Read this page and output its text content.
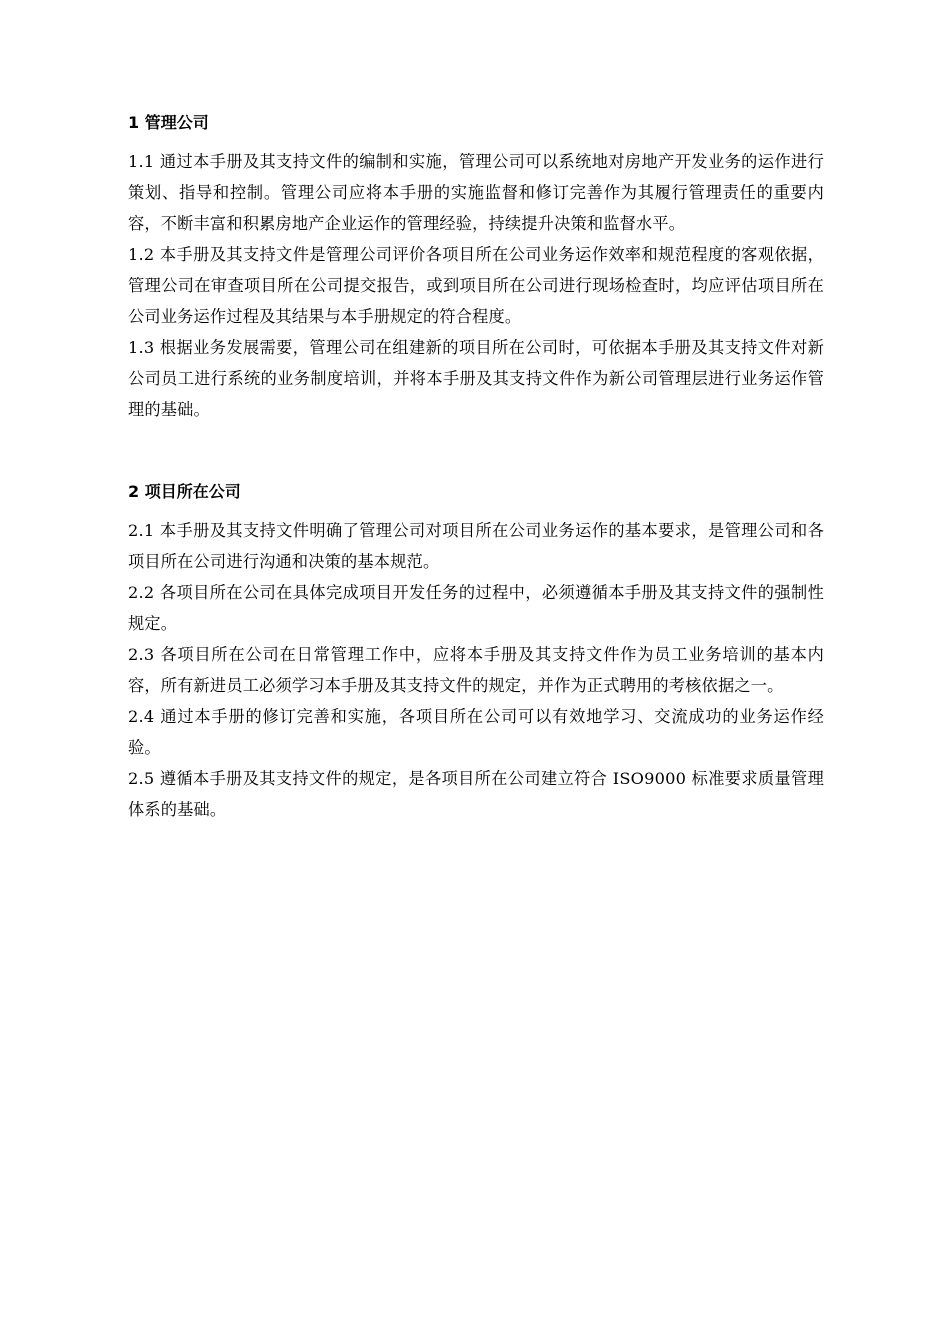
1 管理公司

1.1 通过本手册及其支持文件的编制和实施，管理公司可以系统地对房地产开发业务的运作进行策划、指导和控制。管理公司应将本手册的实施监督和修订完善作为其履行管理责任的重要内容，不断丰富和积累房地产企业运作的管理经验，持续提升决策和监督水平。

1.2 本手册及其支持文件是管理公司评价各项目所在公司业务运作效率和规范程度的客观依据，管理公司在审查项目所在公司提交报告，或到项目所在公司进行现场检查时，均应评估项目所在公司业务运作过程及其结果与本手册规定的符合程度。

1.3 根据业务发展需要，管理公司在组建新的项目所在公司时，可依据本手册及其支持文件对新公司员工进行系统的业务制度培训，并将本手册及其支持文件作为新公司管理层进行业务运作管理的基础。

2 项目所在公司

2.1 本手册及其支持文件明确了管理公司对项目所在公司业务运作的基本要求，是管理公司和各项目所在公司进行沟通和决策的基本规范。

2.2 各项目所在公司在具体完成项目开发任务的过程中，必须遵循本手册及其支持文件的强制性规定。

2.3 各项目所在公司在日常管理工作中，应将本手册及其支持文件作为员工业务培训的基本内容，所有新进员工必须学习本手册及其支持文件的规定，并作为正式聘用的考核依据之一。

2.4 通过本手册的修订完善和实施，各项目所在公司可以有效地学习、交流成功的业务运作经验。

2.5 遵循本手册及其支持文件的规定，是各项目所在公司建立符合 ISO9000 标准要求质量管理体系的基础。
